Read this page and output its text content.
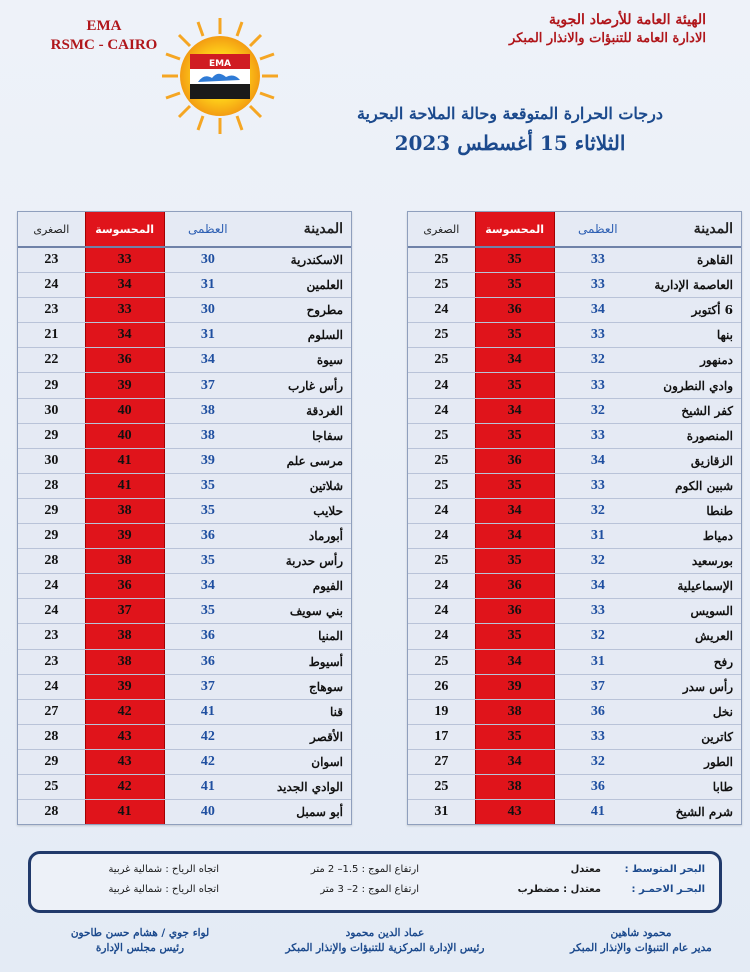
EMA
RSMC - CAIRO
EMA
الهيئة العامة للأرصاد الجوية
الادارة العامة للتنبؤات والانذار المبكر
درجات الحرارة المتوقعة وحالة الملاحة البحرية
الثلاثاء 15 أغسطس 2023
المدينة
العظمى
المحسوسة
الصغرى
القاهرة
33
35
25
العاصمة الإدارية
33
35
25
6 أكتوبر
34
36
24
بنها
33
35
25
دمنهور
32
34
25
وادي النطرون
33
35
24
كفر الشيخ
32
34
24
المنصورة
33
35
25
الزقازيق
34
36
25
شبين الكوم
33
35
25
طنطا
32
34
24
دمياط
31
34
24
بورسعيد
32
35
25
الإسماعيلية
34
36
24
السويس
33
36
24
العريش
32
35
24
رفح
31
34
25
رأس سدر
37
39
26
نخل
36
38
19
كاترين
33
35
17
الطور
32
34
27
طابا
36
38
25
شرم الشيخ
41
43
31
المدينة
العظمى
المحسوسة
الصغرى
الاسكندرية
30
33
23
العلمين
31
34
24
مطروح
30
33
23
السلوم
31
34
21
سيوة
34
36
22
رأس غارب
37
39
29
الغردقة
38
40
30
سفاجا
38
40
29
مرسى علم
39
41
30
شلاتين
35
41
28
حلايب
35
38
29
أبورماد
36
39
29
رأس حدربة
35
38
28
الفيوم
34
36
24
بني سويف
35
37
24
المنيا
36
38
23
أسيوط
36
38
23
سوهاج
37
39
24
قنا
41
42
27
الأقصر
42
43
28
اسوان
42
43
29
الوادي الجديد
41
42
25
أبو سمبل
40
41
28
البحر المتوسط :
معتدل
ارتفاع الموج : 1.5– 2 متر
اتجاه الرياح : شمالية غربية
البحـر الاحمـر :
معتدل : مضطرب
ارتفاع الموج : 2– 3 متر
اتجاه الرياح : شمالية غربية
محمود شاهين
مدير عام التنبؤات والإنذار المبكر
عماد الدين محمود
رئيس الإدارة المركزية للتنبؤات والإنذار المبكر
لواء جوي / هشام حسن طاحون
رئيس مجلس الإدارة
